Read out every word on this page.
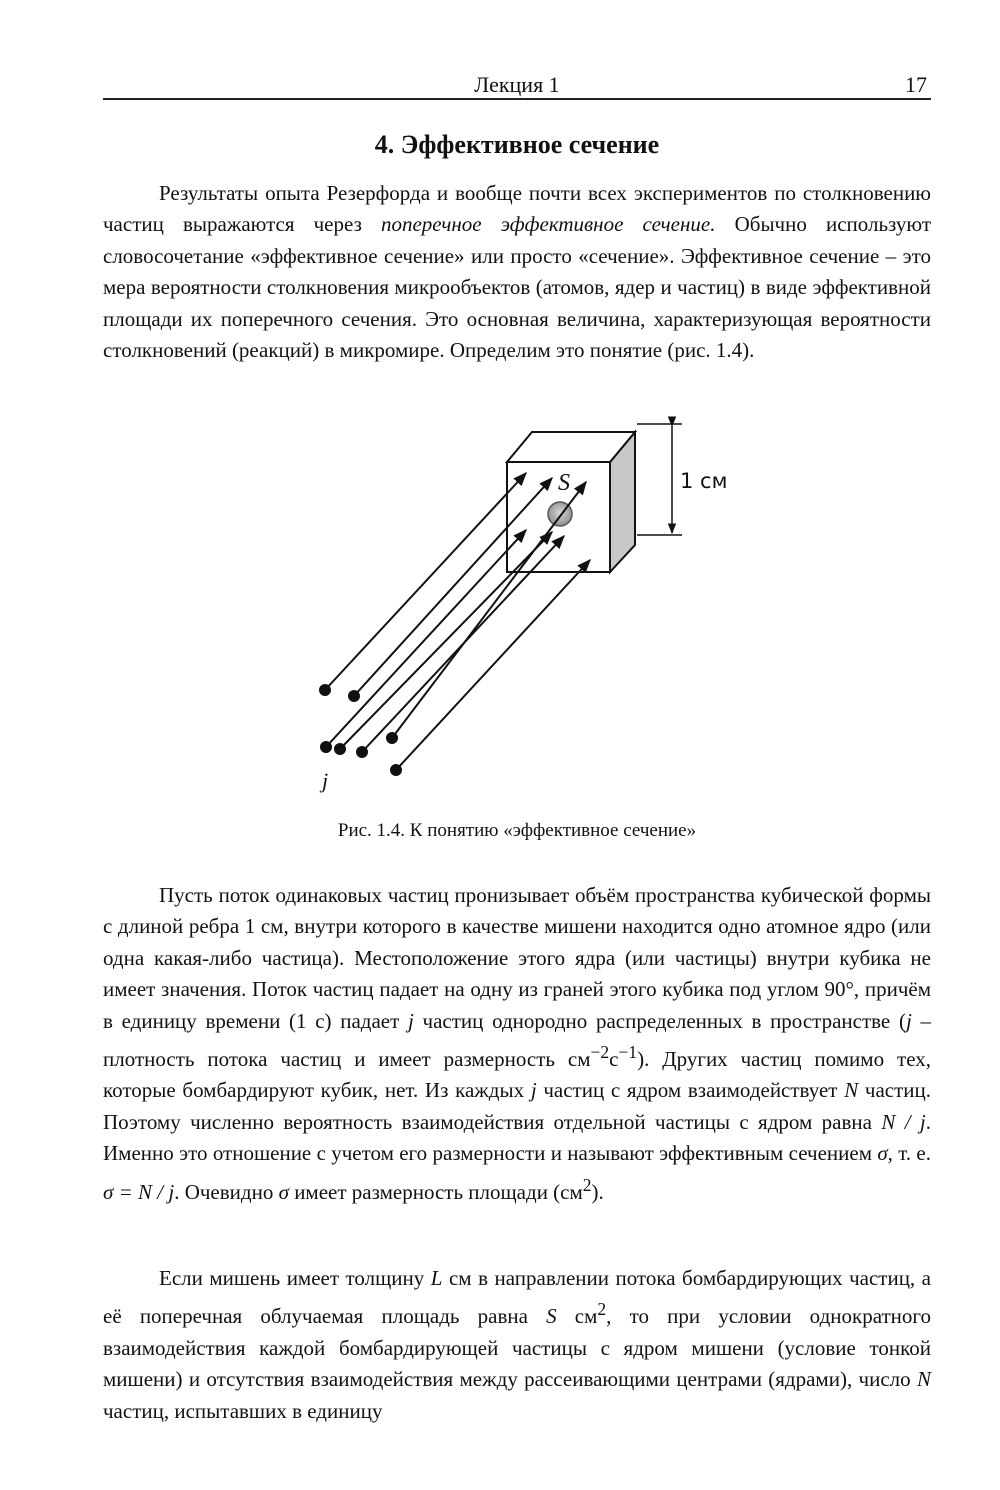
Лекция 1	17
4. Эффективное сечение

Результаты опыта Резерфорда и вообще почти всех экспериментов по столкновению частиц выражаются через поперечное эффективное сечение. Обычно используют словосочетание «эффективное сечение» или просто «сечение». Эффективное сечение – это мера вероятности столкновения микрообъектов (атомов, ядер и частиц) в виде эффективной площади их поперечного сечения. Это основная величина, характеризующая вероятности столкновений (реакций) в микромире. Определим это понятие (рис. 1.4).

1 см
S
j
Рис. 1.4. К понятию «эффективное сечение»

Пусть поток одинаковых частиц пронизывает объём пространства кубической формы с длиной ребра 1 см, внутри которого в качестве мишени находится одно атомное ядро (или одна какая-либо частица). Местоположение этого ядра (или частицы) внутри кубика не имеет значения. Поток частиц падает на одну из граней этого кубика под углом 90°, причём в единицу времени (1 с) падает j частиц однородно распределенных в пространстве (j – плотность потока частиц и имеет размерность $см^{-2}с^{-1}$). Других частиц помимо тех, которые бомбардируют кубик, нет. Из каждых j частиц с ядром взаимодействует N частиц. Поэтому численно вероятность взаимодействия отдельной частицы с ядром равна N / j. Именно это отношение с учетом его размерности и называют эффективным сечением σ, т. е. σ = N / j. Очевидно σ имеет размерность площади $(см^2)$.

Если мишень имеет толщину L см в направлении потока бомбардирующих частиц, а её поперечная облучаемая площадь равна S $см^2$, то при условии однократного взаимодействия каждой бомбардирующей частицы с ядром мишени (условие тонкой мишени) и отсутствия взаимодействия между рассеивающими центрами (ядрами), число N частиц, испытавших в единицу
